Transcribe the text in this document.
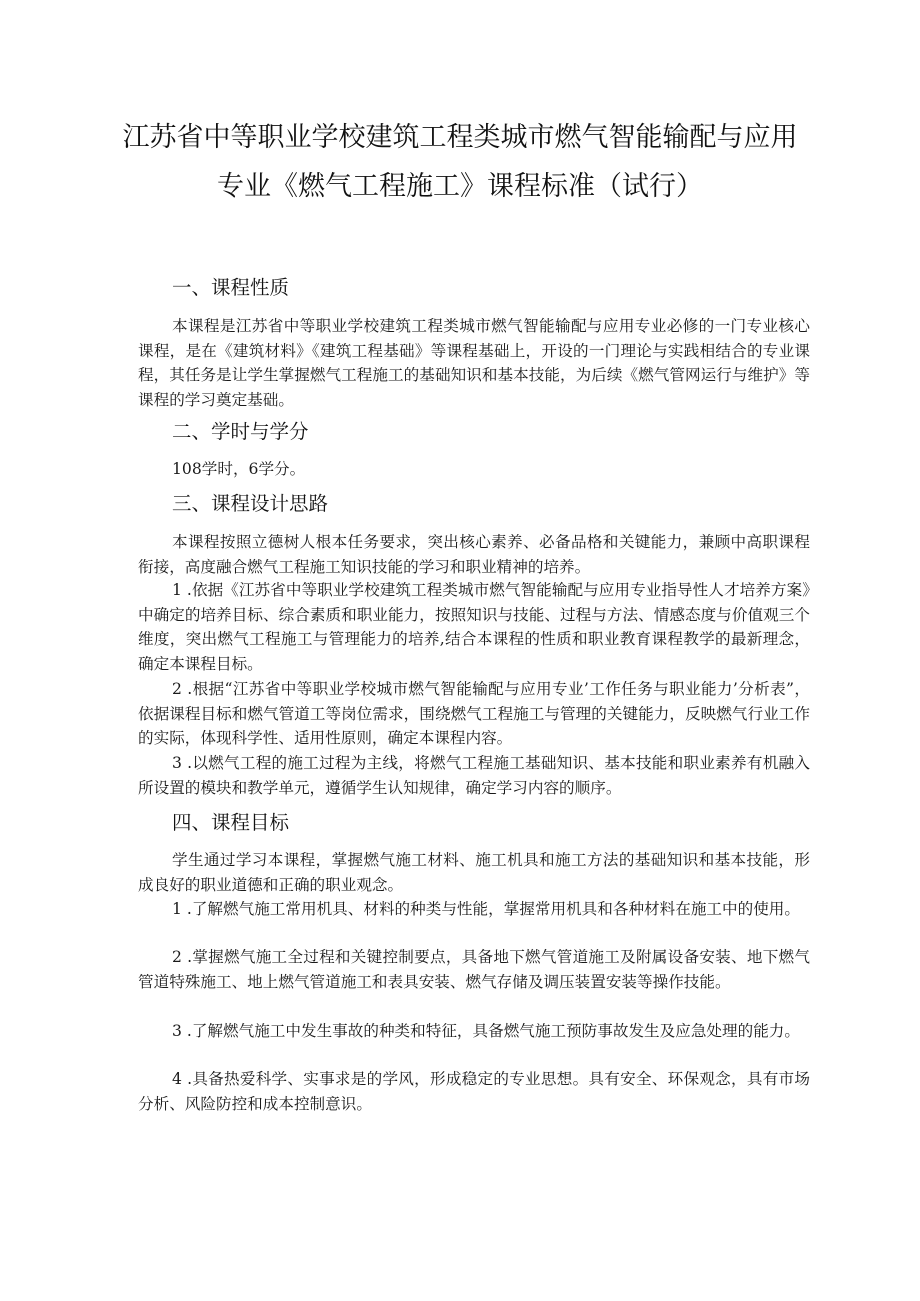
江苏省中等职业学校建筑工程类城市燃气智能输配与应用
专业《燃气工程施工》课程标准（试行）
一、课程性质

本课程是江苏省中等职业学校建筑工程类城市燃气智能输配与应用专业必修的一门专业核心课程，是在《建筑材料》《建筑工程基础》等课程基础上，开设的一门理论与实践相结合的专业课程，其任务是让学生掌握燃气工程施工的基础知识和基本技能，为后续《燃气管网运行与维护》等课程的学习奠定基础。

二、学时与学分

108学时，6学分。

三、课程设计思路

本课程按照立德树人根本任务要求，突出核心素养、必备品格和关键能力，兼顾中高职课程衔接，高度融合燃气工程施工知识技能的学习和职业精神的培养。

1 .依据《江苏省中等职业学校建筑工程类城市燃气智能输配与应用专业指导性人才培养方案》中确定的培养目标、综合素质和职业能力，按照知识与技能、过程与方法、情感态度与价值观三个维度，突出燃气工程施工与管理能力的培养,结合本课程的性质和职业教育课程教学的最新理念，确定本课程目标。

2 .根据“江苏省中等职业学校城市燃气智能输配与应用专业’工作任务与职业能力’分析表”，依据课程目标和燃气管道工等岗位需求，围绕燃气工程施工与管理的关键能力，反映燃气行业工作的实际，体现科学性、适用性原则，确定本课程内容。

3 .以燃气工程的施工过程为主线，将燃气工程施工基础知识、基本技能和职业素养有机融入所设置的模块和教学单元，遵循学生认知规律，确定学习内容的顺序。

四、课程目标

学生通过学习本课程，掌握燃气施工材料、施工机具和施工方法的基础知识和基本技能，形成良好的职业道德和正确的职业观念。

1 .了解燃气施工常用机具、材料的种类与性能，掌握常用机具和各种材料在施工中的使用。

2 .掌握燃气施工全过程和关键控制要点，具备地下燃气管道施工及附属设备安装、地下燃气管道特殊施工、地上燃气管道施工和表具安装、燃气存储及调压装置安装等操作技能。

3 .了解燃气施工中发生事故的种类和特征，具备燃气施工预防事故发生及应急处理的能力。

4 .具备热爱科学、实事求是的学风，形成稳定的专业思想。具有安全、环保观念，具有市场分析、风险防控和成本控制意识。
